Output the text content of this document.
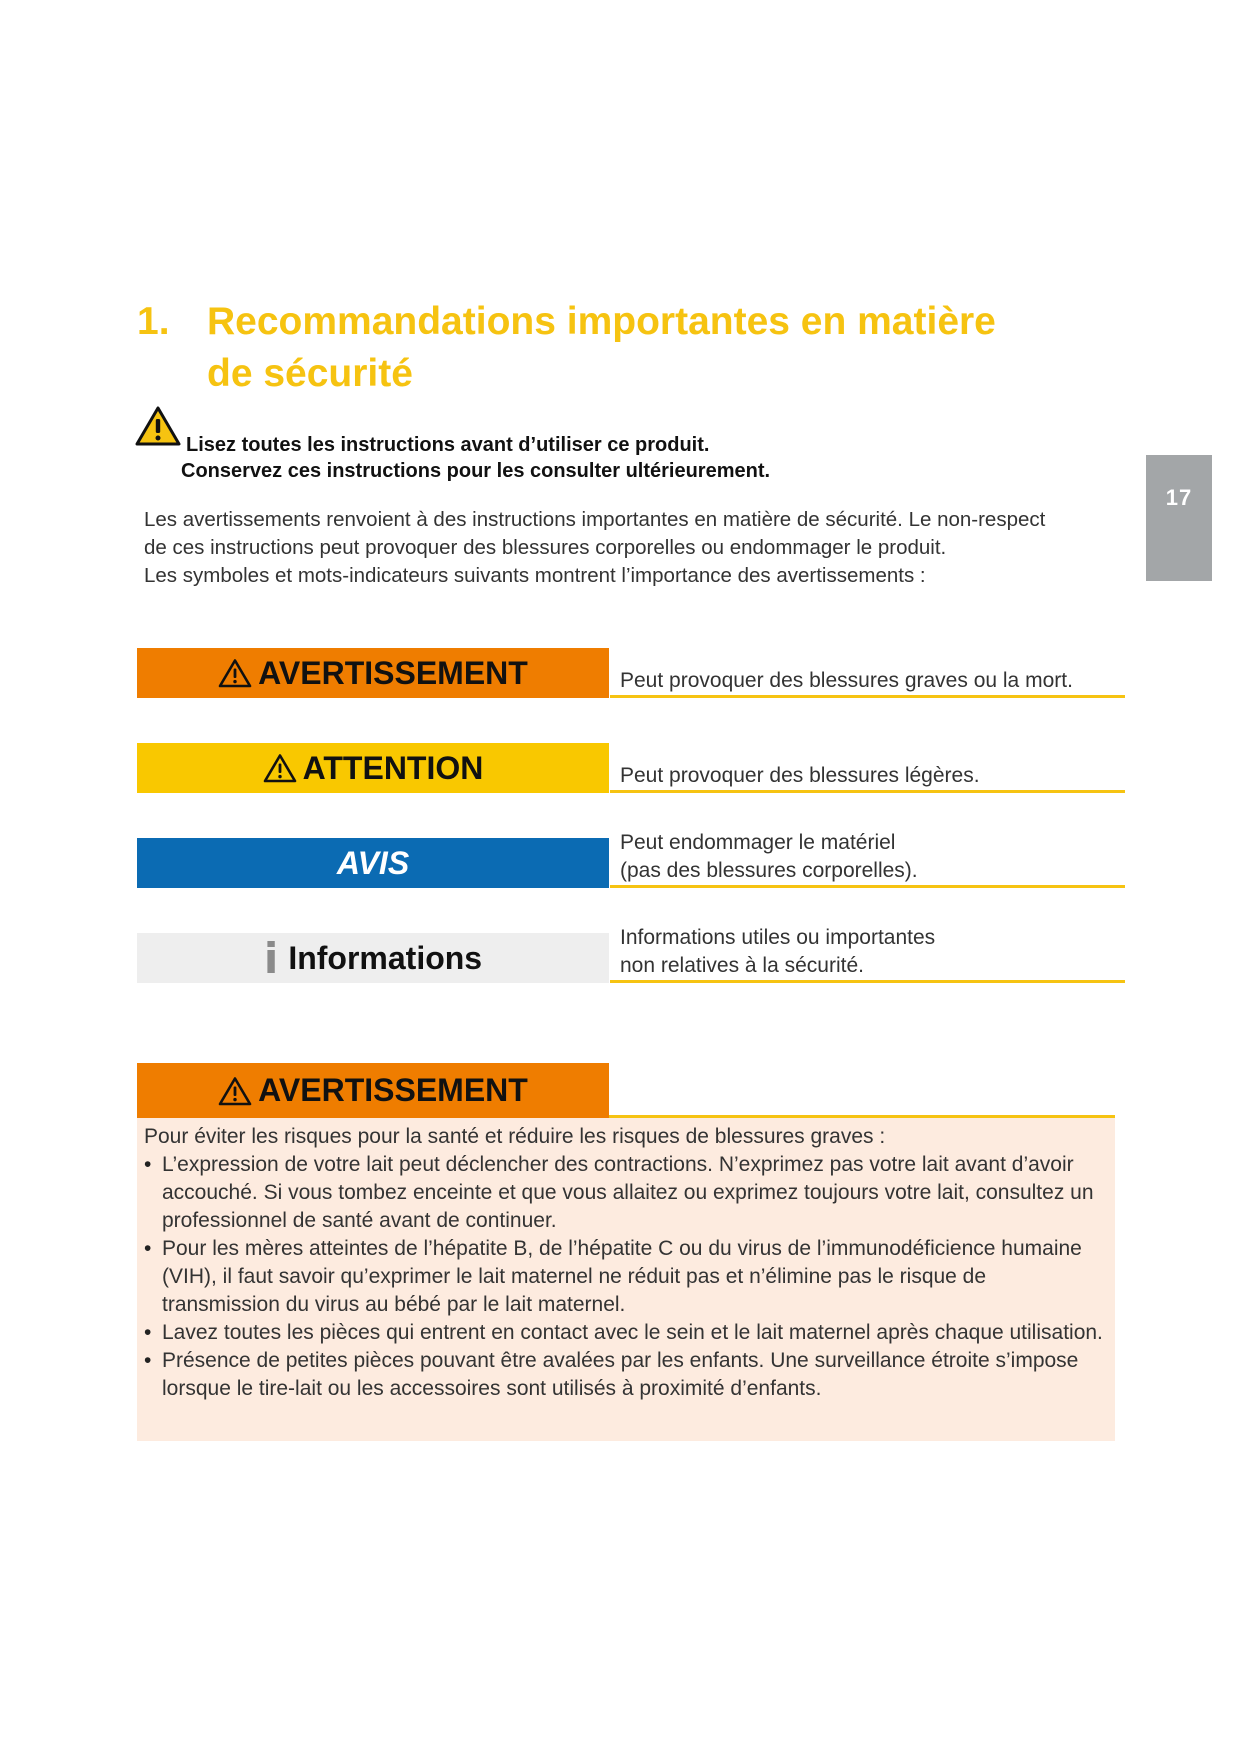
1. Recommandations importantes en matière
de sécurité
Lisez toutes les instructions avant d’utiliser ce produit.
Conservez ces instructions pour les consulter ultérieurement.

Les avertissements renvoient à des instructions importantes en matière de sécurité. Le non-respect

de ces instructions peut provoquer des blessures corporelles ou endommager le produit.

Les symboles et mots-indicateurs suivants montrent l’importance des avertissements :

17
AVERTISSEMENT	Peut provoquer des blessures graves ou la mort.
ATTENTION	Peut provoquer des blessures légères.
AVIS
Peut endommager le matériel
(pas des blessures corporelles).
i Informations
Informations utiles ou importantes
non relatives à la sécurité.
AVERTISSEMENT

Pour éviter les risques pour la santé et réduire les risques de blessures graves :

• L’expression de votre lait peut déclencher des contractions. N’exprimez pas votre lait avant d’avoir accouché. Si vous tombez enceinte et que vous allaitez ou exprimez toujours votre lait, consultez un professionnel de santé avant de continuer.
• Pour les mères atteintes de l’hépatite B, de l’hépatite C ou du virus de l’immunodéficience humaine (VIH), il faut savoir qu’exprimer le lait maternel ne réduit pas et n’élimine pas le risque de transmission du virus au bébé par le lait maternel.
• Lavez toutes les pièces qui entrent en contact avec le sein et le lait maternel après chaque utilisation.
• Présence de petites pièces pouvant être avalées par les enfants. Une surveillance étroite s’impose lorsque le tire-lait ou les accessoires sont utilisés à proximité d’enfants.
